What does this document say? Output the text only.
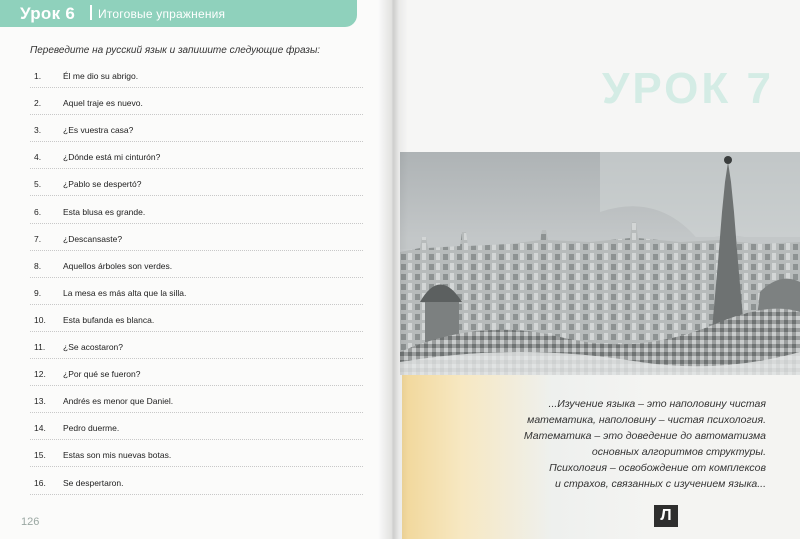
Урок 6 Итоговые упражнения
Переведите на русский язык и запишите следующие фразы:
1.	Él me dio su abrigo.
2.	Aquel traje es nuevo.
3.	¿Es vuestra casa?
4.	¿Dónde está mi cinturón?
5.	¿Pablo se despertó?
6.	Esta blusa es grande.
7.	¿Descansaste?
8.	Aquellos árboles son verdes.
9.	La mesa es más alta que la silla.
10. Esta bufanda es blanca.
11. ¿Se acostaron?
12. ¿Por qué se fueron?
13. Andrés es menor que Daniel.
14. Pedro duerme.
15. Estas son mis nuevas botas.
16. Se despertaron.
126
УРОК 7
...Изучение языка – это наполовину чистая
математика, наполовину – чистая психология.
Математика – это доведение до автоматизма
основных алгоритмов структуры.
Психология – освобождение от комплексов
и страхов, связанных с изучением языка...
Л
